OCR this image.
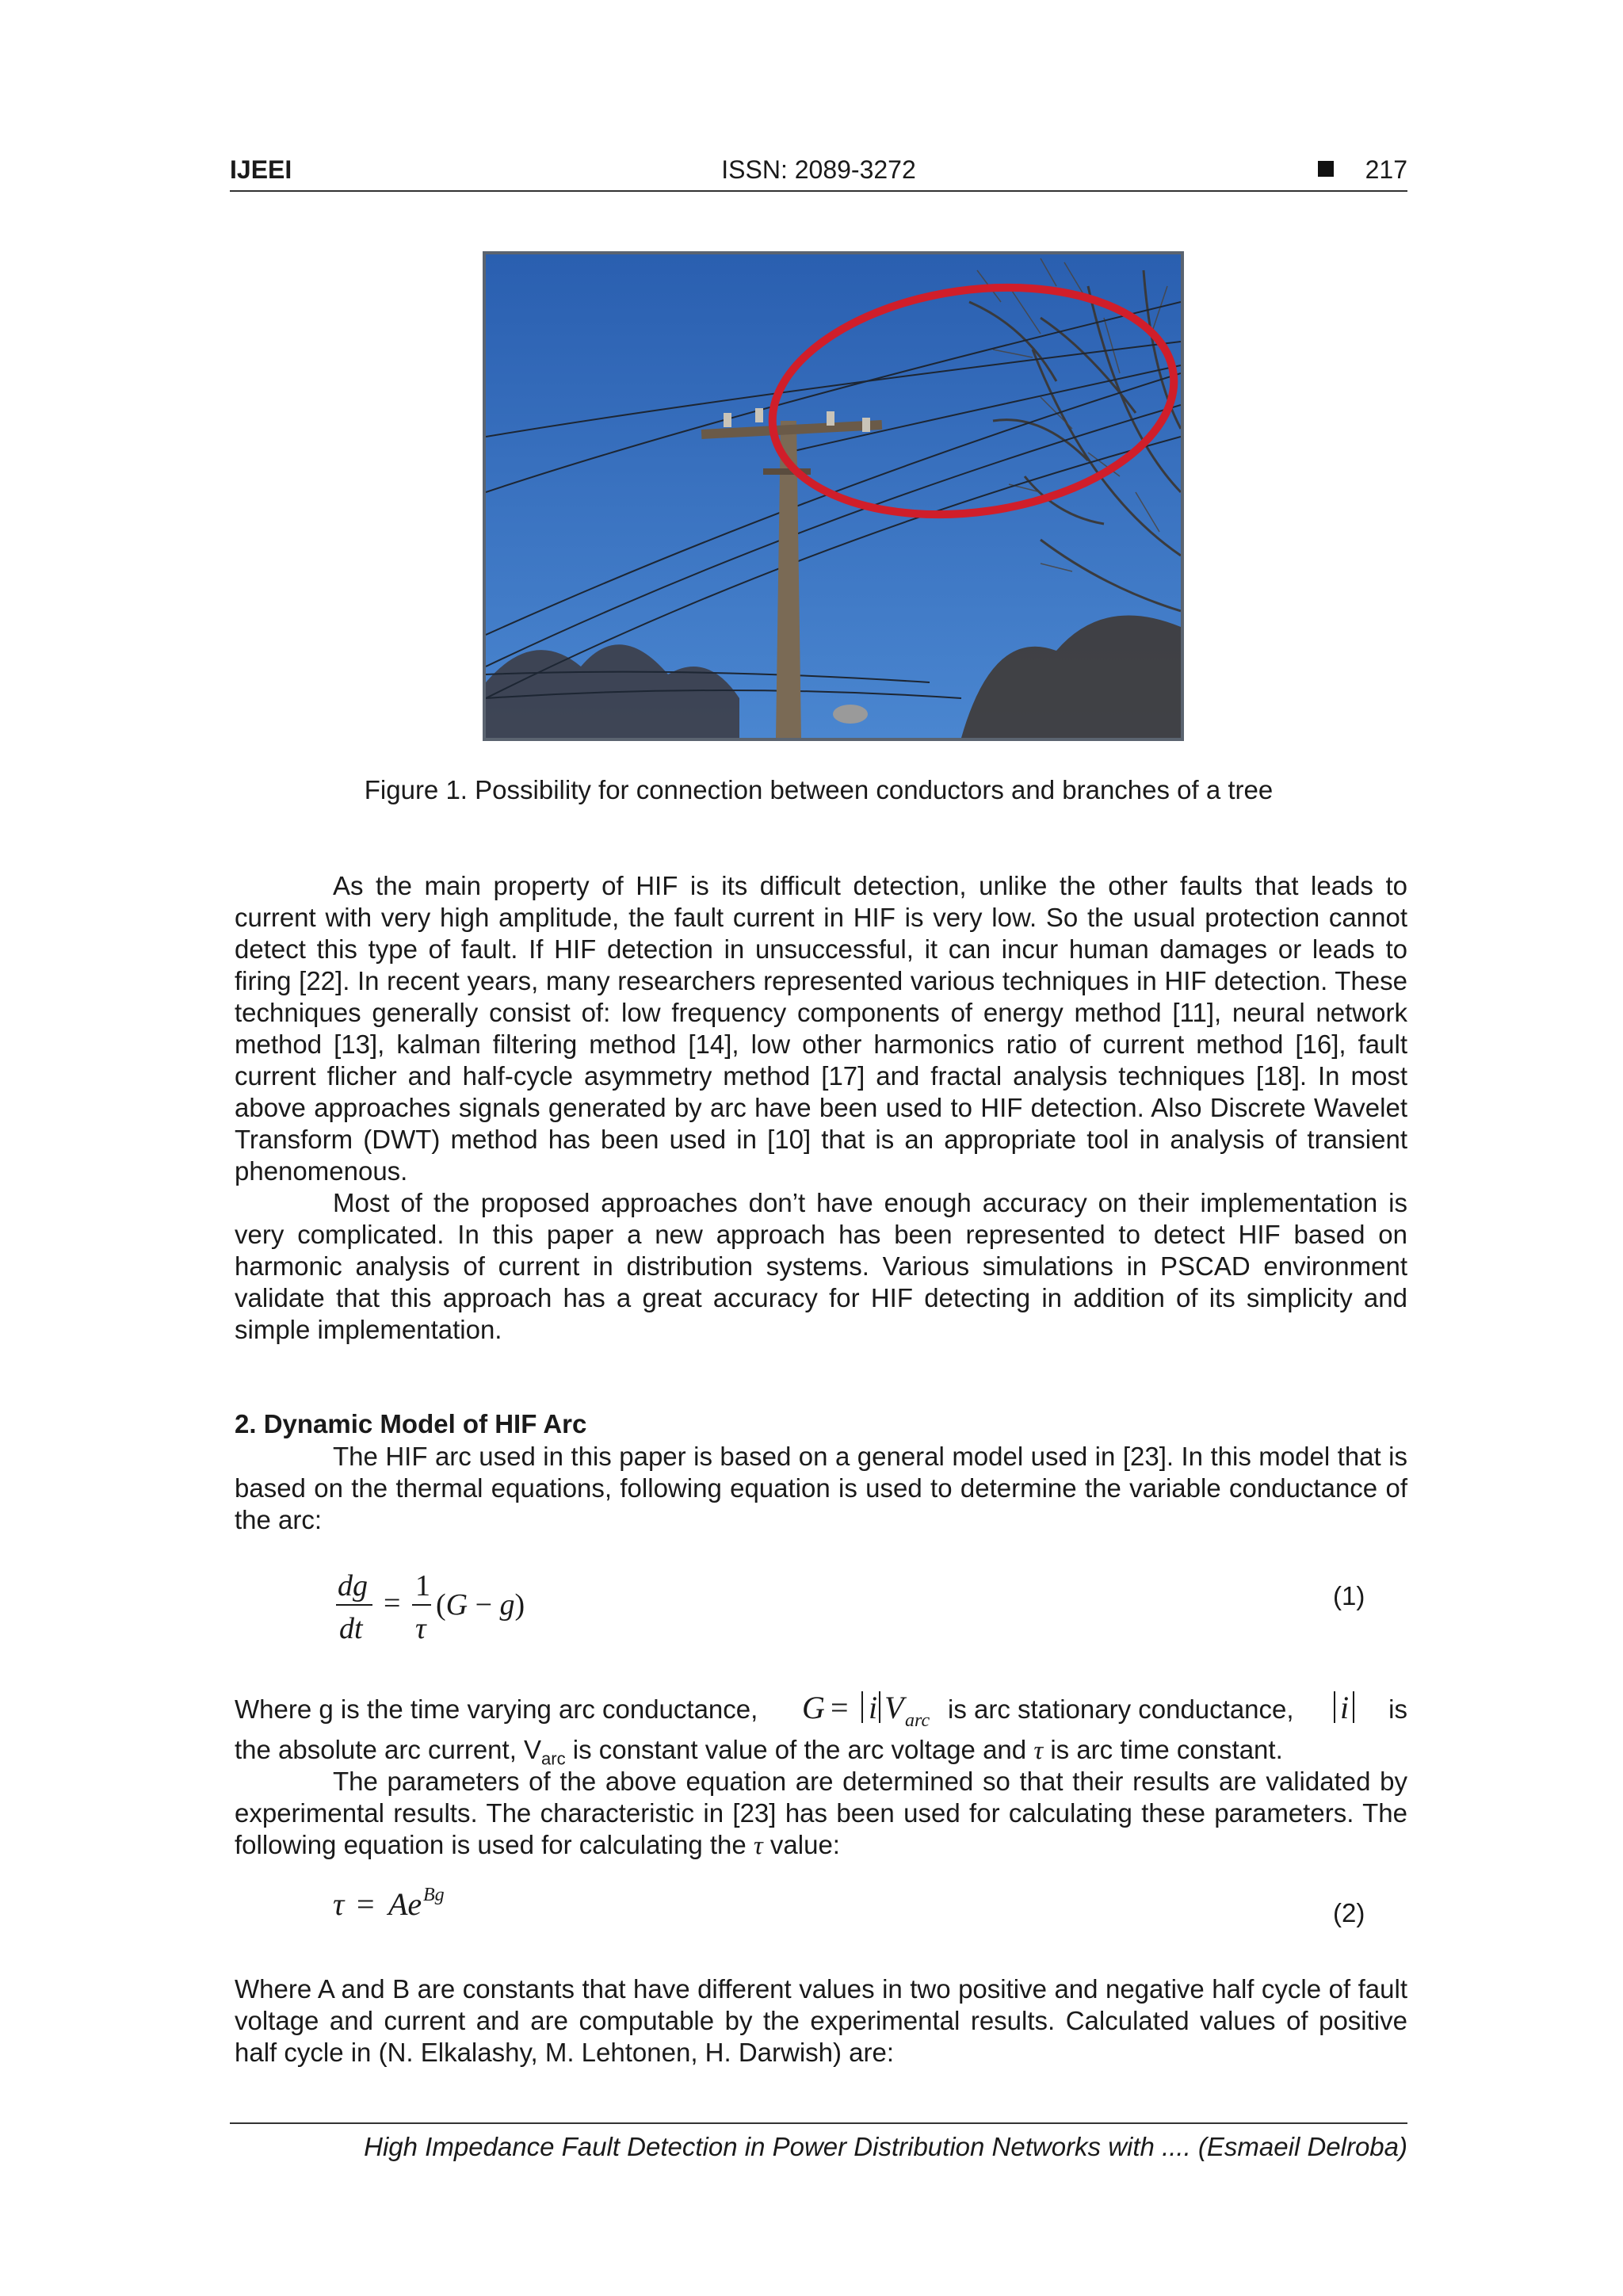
IJEEI	ISSN: 2089-3272	217
Figure 1. Possibility for connection between conductors and branches of a tree
As the main property of HIF is its difficult detection, unlike the other faults that leads to current with very high amplitude, the fault current in HIF is very low. So the usual protection cannot detect this type of fault. If HIF detection in unsuccessful, it can incur human damages or leads to firing [22]. In recent years, many researchers represented various techniques in HIF detection. These techniques generally consist of: low frequency components of energy method [11], neural network method [13], kalman filtering method [14], low other harmonics ratio of current method [16], fault current flicher and half-cycle asymmetry method [17] and fractal analysis techniques [18]. In most above approaches signals generated by arc have been used to HIF detection. Also Discrete Wavelet Transform (DWT) method has been used in [10] that is an appropriate tool in analysis of transient phenomenous.
Most of the proposed approaches don’t have enough accuracy on their implementation is very complicated. In this paper a new approach has been represented to detect HIF based on harmonic analysis of current in distribution systems. Various simulations in PSCAD environment validate that this approach has a great accuracy for HIF detecting in addition of its simplicity and simple implementation.
2. Dynamic Model of HIF Arc
The HIF arc used in this paper is based on a general model used in [23]. In this model that is based on the thermal equations, following equation is used to determine the variable conductance of the arc:
dg
dt
=
1
τ
(G − g)	(1)
Where g is the time varying arc conductance, G = i V arc is arc stationary conductance, i is
the absolute arc current, $V_{arc}$ is constant value of the arc voltage and τ is arc time constant.
The parameters of the above equation are determined so that their results are validated by experimental results. The characteristic in [23] has been used for calculating these parameters. The following equation is used for calculating the τ value:
τ = Ae Bg
(2)
Where A and B are constants that have different values in two positive and negative half cycle of fault voltage and current and are computable by the experimental results. Calculated values of positive half cycle in (N. Elkalashy, M. Lehtonen, H. Darwish) are:
High Impedance Fault Detection in Power Distribution Networks with .... (Esmaeil Delroba)
